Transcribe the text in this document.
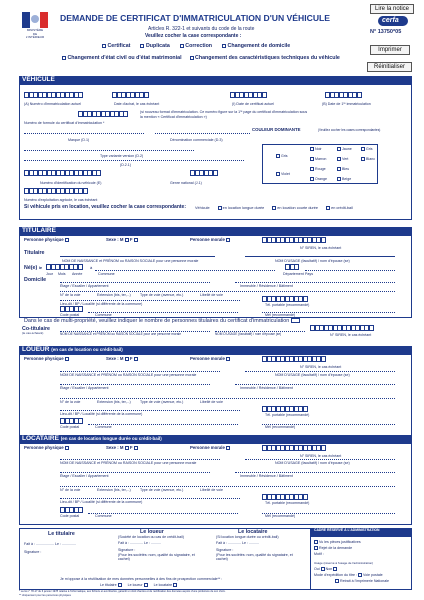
MINISTÈRE
DE
L'INTÉRIEUR
DEMANDE DE CERTIFICAT D'IMMATRICULATION D'UN VÉHICULE
Articles R. 322-1 et suivants du code de la route
Veuillez cocher la case correspondante :
Lire la notice
cerfa
N° 13750*05
Imprimer
Réinitialiser
Certificat	Duplicata	Correction	Changement de domicile
Changement d'état civil ou d'état matrimonial	Changement des caractéristiques techniques du véhicule
VÉHICULE
(A) Numéro d'immatriculation actuel	Date d'achat, le cas échéant	(I) Date de certificat actuel	(B) Date de 1ʳᵉ immatriculation
Numéro de formule du certificat d'immatriculation *
(si nouveau format d'immatriculation. Ce numéro figure sur la 1ʳᵉ page du certificat d'immatriculation sous la mention « Certificat d'immatriculation »)
Marque (D.1)	Dénomination commerciale (D.3)
COULEUR DOMINANTE	(Veuillez cocher les cases correspondantes)
Gris
Violet
Noir
Marron
Rouge
Orange
Jaune
Vert
Bleu
Beige
Gris
Blanc
Type variante version (D.2)
(D.2.1)
Numéro d'identification du véhicule (E)	Genre national (J.1)
Numéro d'exploitation agricole, le cas échéant
Si véhicule pris en location, veuillez cocher la case correspondante: Véhicule	en location longue durée	en location courte durée	en crédit-bail
TITULAIRE
Personne physique	Sexe : M F	Personne morale
N° SIREN, le cas échéant
Titulaire
NOM DE NAISSANCE et PRÉNOM ou RAISON SOCIALE pour une personne morale	NOM D'USAGE (facultatif) / nom d'épouse (se)
Né(e) le	à
Jour Mois Année	Commune	Département Pays
Domicile
Étage / Escalier / Appartement	Immeuble / Résidence / Bâtiment
N° de la voie	Extension (bis, ter,...)	Type de voie (avenue, etc.)	Libellé de voie
Lieu-dit / BP / Localité (si différente de la commune)	Tél. portable (recommandé)
Code postal	Commune	Mél (recommandé)
Dans le cas de multi-propriété, veuillez indiquer le nombre de personnes titulaires du certificat d'immatriculation
Co-titulaire
(le cas échéant)	NOM DE NAISSANCE et PRÉNOM ou RAISON SOCIALE pour une personne morale	NOM D'USAGE (facultatif) / nom d'épouse (se)	N° SIREN, le cas échéant
LOUEUR (en cas de location ou crédit-bail)
Personne physique	Sexe : M F	Personne morale
N° SIREN, le cas échéant
NOM DE NAISSANCE et PRÉNOM ou RAISON SOCIALE pour une personne morale	NOM D'USAGE (facultatif) / nom d'épouse (se)
Étage / Escalier / Appartement	Immeuble / Résidence / Bâtiment
N° de la voie	Extension (bis, ter,...)	Type de voie (avenue, etc.)	Libellé de voie
Lieu-dit / BP / Localité (si différente de la commune)	Tél. portable (recommandé)
Code postal	Commune	Mél (recommandé)
LOCATAIRE (en cas de location longue durée ou crédit-bail)
Personne physique	Sexe : M F	Personne morale
N° SIREN, le cas échéant
NOM DE NAISSANCE et PRÉNOM ou RAISON SOCIALE pour une personne morale	NOM D'USAGE (facultatif) / nom d'épouse (se)
Étage / Escalier / Appartement	Immeuble / Résidence / Bâtiment
N° de la voie	Extension (bis, ter,...)	Type de voie (avenue, etc.)	Libellé de voie
Lieu-dit / BP / Localité (si différente de la commune)	Tél. portable (recommandé)
Code postal	Commune	Mél (recommandé)
Le titulaire
Fait à : .................. Le : ..............
Signature :
Le loueur
(Société de location ou cas de crédit-bail)
Fait à : ............. Le : ..........
Signature :
(Pour les sociétés: nom, qualité du signataire, et cachet)
Le locataire
(Si location longue durée ou crédit-bail)
Fait à : ............. Le : ..........
Signature :
(Pour les sociétés: nom, qualité du signataire, et cachet)
CADRE RÉSERVÉ À L'ADMINISTRATION
Vu les pièces justificatives
Rejet de la demande
Motif :
Usage (réservé à l'usage de l'administration)
Oui Non
Mode d'expédition du titre : Voie postale
Retrait à l'imprimerie Nationale
Je m'oppose à la réutilisation de mes données personnelles à des fins de prospection commerciale** :
Le titulaire	Le loueur	Le locataire
* La loi n° 78-17 du 6 janvier 1978 relative à l'informatique, aux fichiers et aux libertés, garantit un droit d'accès et de rectification des données auprès d'une préfecture de son choix.
** Uniquement pour les personnes physiques
